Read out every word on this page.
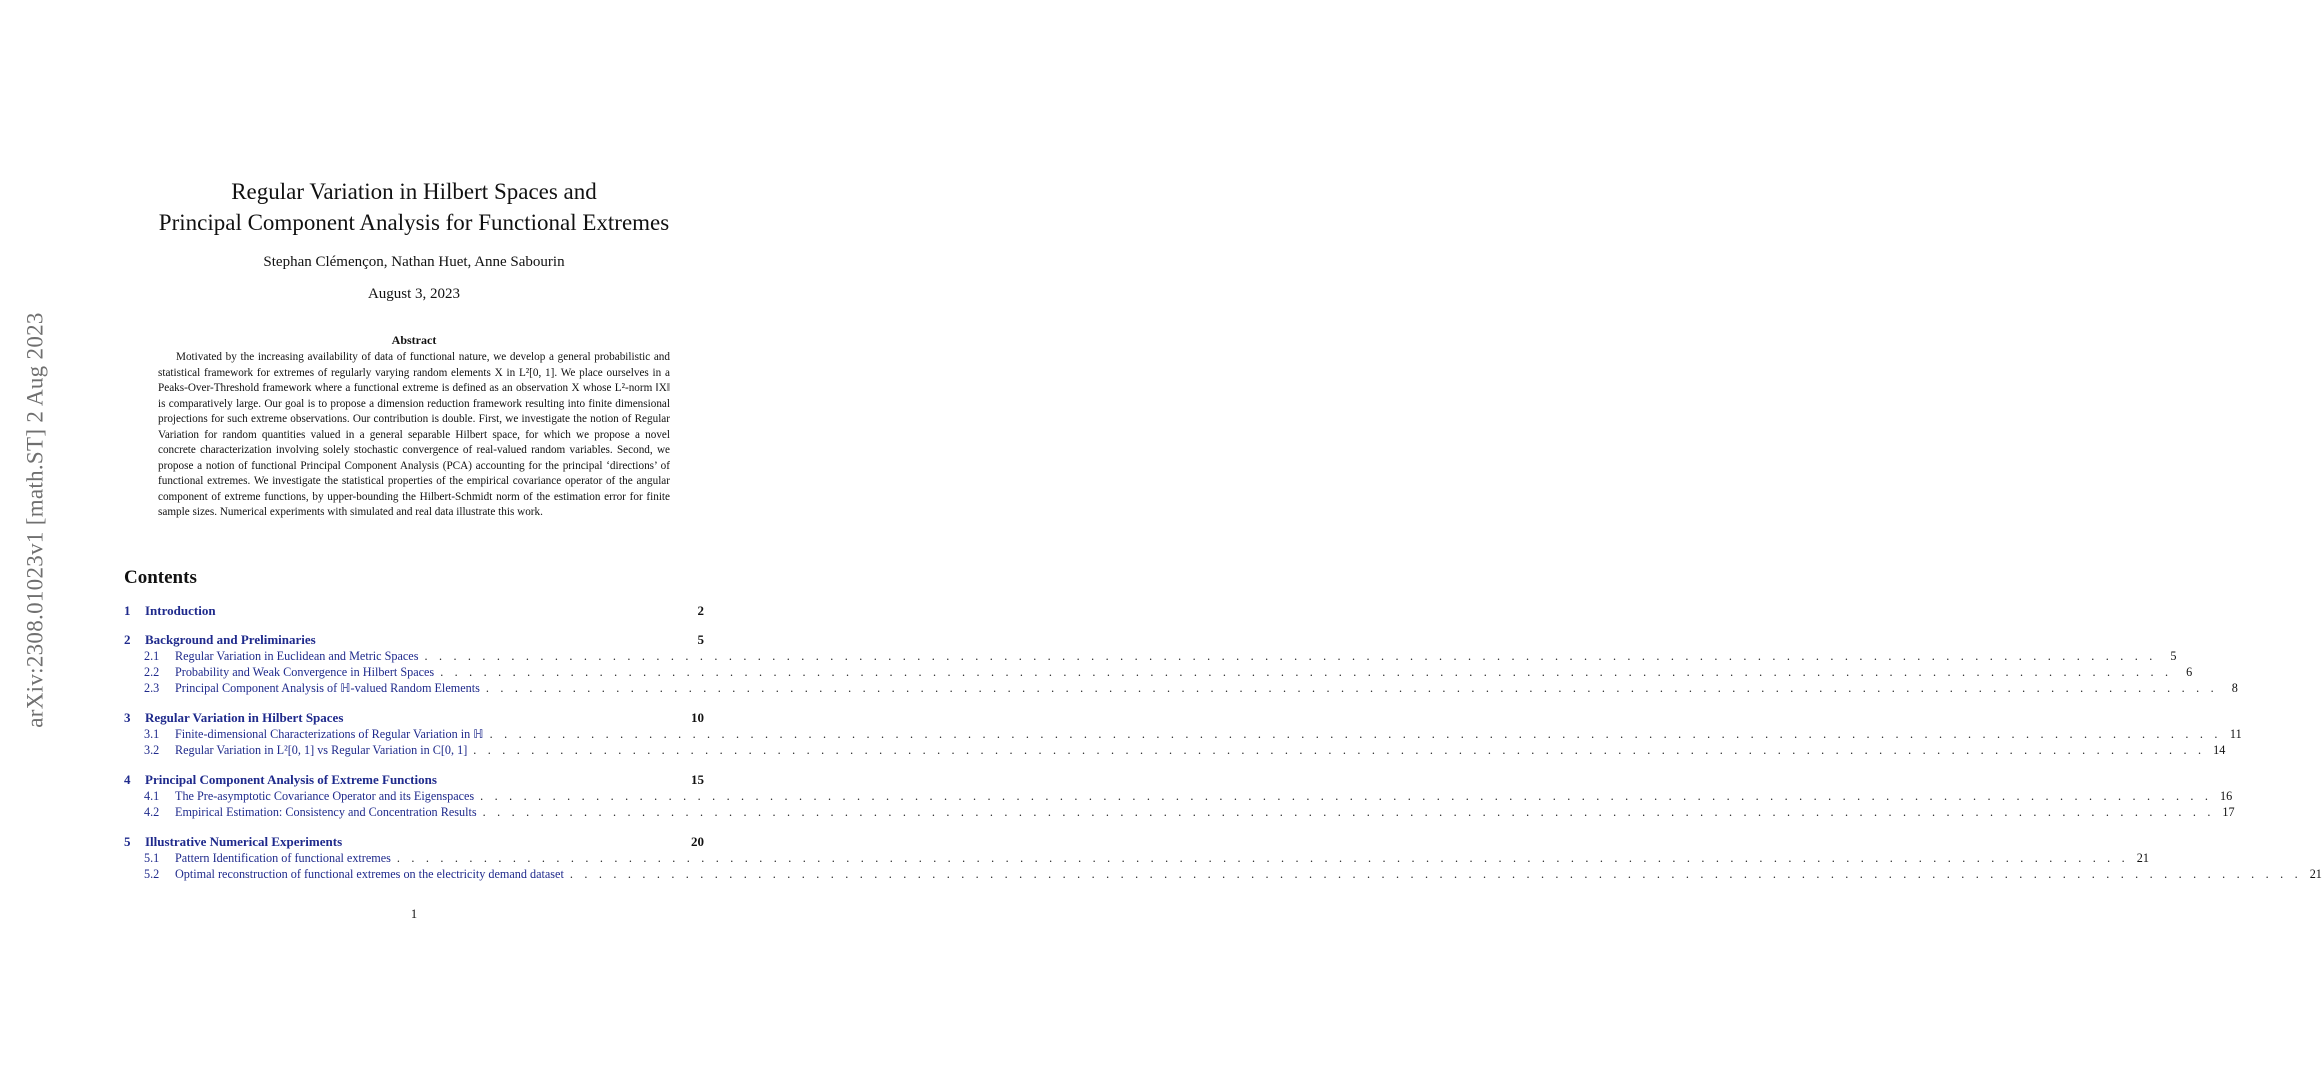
arXiv:2308.01023v1 [math.ST] 2 Aug 2023
Regular Variation in Hilbert Spaces and
Principal Component Analysis for Functional Extremes
Stephan Clémençon, Nathan Huet, Anne Sabourin
August 3, 2023
Abstract
Motivated by the increasing availability of data of functional nature, we develop a general probabilistic and statistical framework for extremes of regularly varying random elements X in L²[0, 1]. We place ourselves in a Peaks-Over-Threshold framework where a functional extreme is defined as an observation X whose L²-norm ‖X‖ is comparatively large. Our goal is to propose a dimension reduction framework resulting into finite dimensional projections for such extreme observations. Our contribution is double. First, we investigate the notion of Regular Variation for random quantities valued in a general separable Hilbert space, for which we propose a novel concrete characterization involving solely stochastic convergence of real-valued random variables. Second, we propose a notion of functional Principal Component Analysis (PCA) accounting for the principal ‘directions’ of functional extremes. We investigate the statistical properties of the empirical covariance operator of the angular component of extreme functions, by upper-bounding the Hilbert-Schmidt norm of the estimation error for finite sample sizes. Numerical experiments with simulated and real data illustrate this work.
Contents
1	Introduction	2
2	Background and Preliminaries	5
2.1	Regular Variation in Euclidean and Metric Spaces . . . . . . . . . . . . . . . . . . . . . . . . . . . . . . . . . . . . . . . . . . . . . . . . . . . . . . . . . . . . . . . . . . . . . . . . . . . . . . . . . . . . . . . . . . . . . . . . . . . . . . . . . . . . . . . . . . . . . . . .	5
2.2	Probability and Weak Convergence in Hilbert Spaces . . . . . . . . . . . . . . . . . . . . . . . . . . . . . . . . . . . . . . . . . . . . . . . . . . . . . . . . . . . . . . . . . . . . . . . . . . . . . . . . . . . . . . . . . . . . . . . . . . . . . . . . . . . . . . . . . . . . . . . .	6
2.3	Principal Component Analysis of ℍ-valued Random Elements . . . . . . . . . . . . . . . . . . . . . . . . . . . . . . . . . . . . . . . . . . . . . . . . . . . . . . . . . . . . . . . . . . . . . . . . . . . . . . . . . . . . . . . . . . . . . . . . . . . . . . . . . . . . . . . . . . . . . . . .	8
3	Regular Variation in Hilbert Spaces	10
3.1	Finite-dimensional Characterizations of Regular Variation in ℍ . . . . . . . . . . . . . . . . . . . . . . . . . . . . . . . . . . . . . . . . . . . . . . . . . . . . . . . . . . . . . . . . . . . . . . . . . . . . . . . . . . . . . . . . . . . . . . . . . . . . . . . . . . . . . . . . . . . . . . . . 11
3.2	Regular Variation in L²[0, 1] vs Regular Variation in C[0, 1] . . . . . . . . . . . . . . . . . . . . . . . . . . . . . . . . . . . . . . . . . . . . . . . . . . . . . . . . . . . . . . . . . . . . . . . . . . . . . . . . . . . . . . . . . . . . . . . . . . . . . . . . . . . . . . . . . . . . . . . . 14
4	Principal Component Analysis of Extreme Functions	15
4.1	The Pre-asymptotic Covariance Operator and its Eigenspaces . . . . . . . . . . . . . . . . . . . . . . . . . . . . . . . . . . . . . . . . . . . . . . . . . . . . . . . . . . . . . . . . . . . . . . . . . . . . . . . . . . . . . . . . . . . . . . . . . . . . . . . . . . . . . . . . . . . . . . . . 16
4.2	Empirical Estimation: Consistency and Concentration Results . . . . . . . . . . . . . . . . . . . . . . . . . . . . . . . . . . . . . . . . . . . . . . . . . . . . . . . . . . . . . . . . . . . . . . . . . . . . . . . . . . . . . . . . . . . . . . . . . . . . . . . . . . . . . . . . . . . . . . . . 17
5	Illustrative Numerical Experiments	20
5.1	Pattern Identification of functional extremes . . . . . . . . . . . . . . . . . . . . . . . . . . . . . . . . . . . . . . . . . . . . . . . . . . . . . . . . . . . . . . . . . . . . . . . . . . . . . . . . . . . . . . . . . . . . . . . . . . . . . . . . . . . . . . . . . . . . . . . . 21
5.2	Optimal reconstruction of functional extremes on the electricity demand dataset . . . . . . . . . . . . . . . . . . . . . . . . . . . . . . . . . . . . . . . . . . . . . . . . . . . . . . . . . . . . . . . . . . . . . . . . . . . . . . . . . . . . . . . . . . . . . . . . . . . . . . . . . . . . . . . . . . . . . . . . 21
1
